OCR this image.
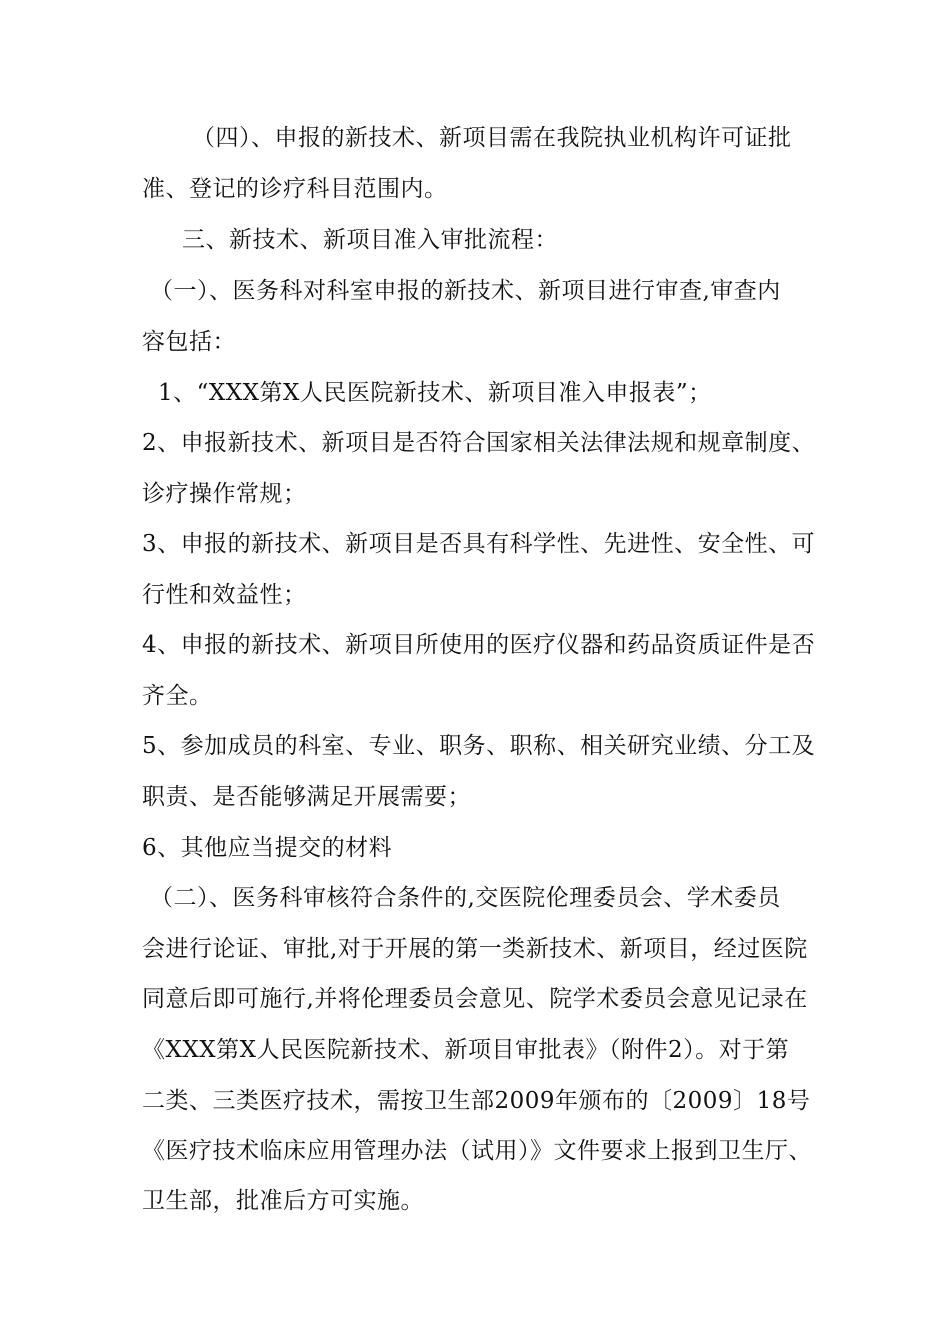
（四）、申报的新技术、新项目需在我院执业机构许可证批
准、登记的诊疗科目范围内。
三、新技术、新项目准入审批流程：
（一）、医务科对科室申报的新技术、新项目进行审查,审查内
容包括：
1、“XXX第X人民医院新技术、新项目准入申报表”；
2、申报新技术、新项目是否符合国家相关法律法规和规章制度、
诊疗操作常规；
3、申报的新技术、新项目是否具有科学性、先进性、安全性、可
行性和效益性；
4、申报的新技术、新项目所使用的医疗仪器和药品资质证件是否
齐全。
5、参加成员的科室、专业、职务、职称、相关研究业绩、分工及
职责、是否能够满足开展需要；
6、其他应当提交的材料
（二）、医务科审核符合条件的,交医院伦理委员会、学术委员
会进行论证、审批,对于开展的第一类新技术、新项目，经过医院
同意后即可施行,并将伦理委员会意见、院学术委员会意见记录在
《XXX第X人民医院新技术、新项目审批表》（附件2）。对于第
二类、三类医疗技术，需按卫生部2009年颁布的〔2009〕18号
《医疗技术临床应用管理办法（试用）》文件要求上报到卫生厅、
卫生部，批准后方可实施。
